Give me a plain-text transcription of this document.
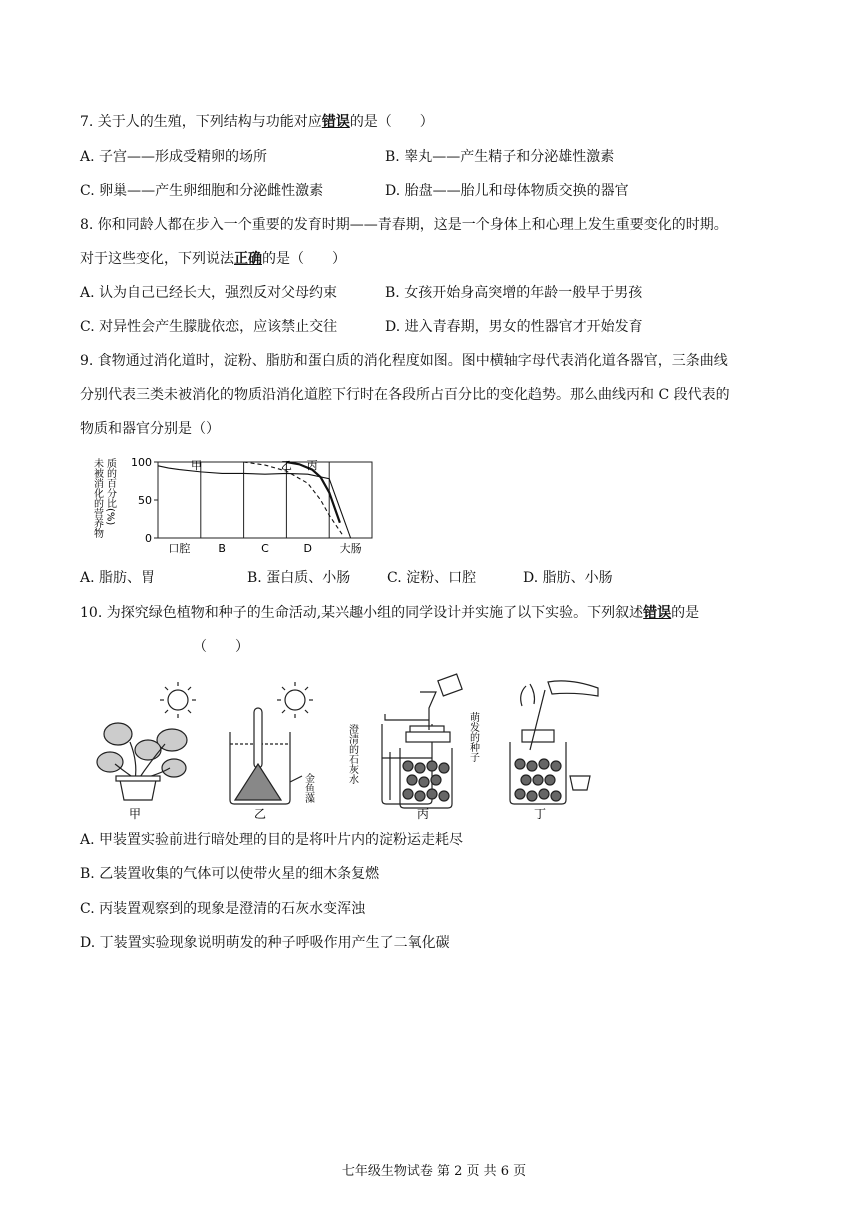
7. 关于人的生殖，下列结构与功能对应错误的是（　　）
A. 子宫——形成受精卵的场所	B. 睾丸——产生精子和分泌雄性激素
C. 卵巢——产生卵细胞和分泌雌性激素	D. 胎盘——胎儿和母体物质交换的器官
8. 你和同龄人都在步入一个重要的发育时期——青春期，这是一个身体上和心理上发生重要变化的时期。
对于这些变化，下列说法正确的是（　　）
A. 认为自己已经长大，强烈反对父母约束	B. 女孩开始身高突增的年龄一般早于男孩
C. 对异性会产生朦胧依恋，应该禁止交往	D. 进入青春期，男女的性器官才开始发育
9. 食物通过消化道时，淀粉、脂肪和蛋白质的消化程度如图。图中横轴字母代表消化道各器官，三条曲线
分别代表三类未被消化的物质沿消化道腔下行时在各段所占百分比的变化趋势。那么曲线丙和 C 段代表的
物质和器官分别是（）
未被消化的营养物 质的百分比(%)
0
50
100
口腔	B	C	D	大肠
甲	乙 丙
A. 脂肪、胃	B. 蛋白质、小肠	C. 淀粉、口腔	D. 脂肪、小肠
10. 为探究绿色植物和种子的生命活动,某兴趣小组的同学设计并实施了以下实验。下列叙述错误的是
（　　）
金鱼藻
澄清的石灰水	萌发的种子
甲	乙	丙	丁
A. 甲装置实验前进行暗处理的目的是将叶片内的淀粉运走耗尽
B. 乙装置收集的气体可以使带火星的细木条复燃
C. 丙装置观察到的现象是澄清的石灰水变浑浊
D. 丁装置实验现象说明萌发的种子呼吸作用产生了二氧化碳
七年级生物试卷 第 2 页 共 6 页
